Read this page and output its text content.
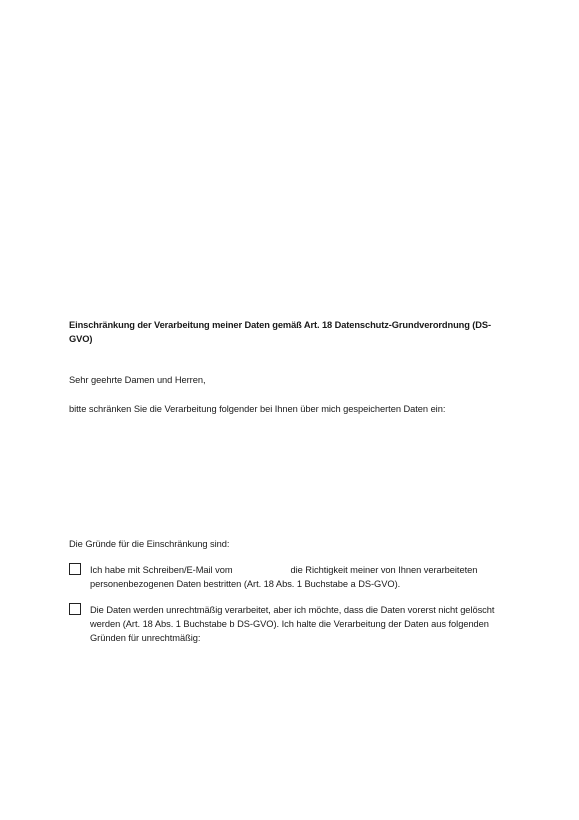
Einschränkung der Verarbeitung meiner Daten gemäß Art. 18 Datenschutz-Grundverordnung (DS-GVO)
Sehr geehrte Damen und Herren,
bitte schränken Sie die Verarbeitung folgender bei Ihnen über mich gespeicherten Daten ein:
Die Gründe für die Einschränkung sind:
Ich habe mit Schreiben/E-Mail vom	die Richtigkeit meiner von Ihnen verarbeiteten personenbezogenen Daten bestritten (Art. 18 Abs. 1 Buchstabe a DS-GVO).
Die Daten werden unrechtmäßig verarbeitet, aber ich möchte, dass die Daten vorerst nicht gelöscht werden (Art. 18 Abs. 1 Buchstabe b DS-GVO). Ich halte die Verarbeitung der Daten aus folgenden Gründen für unrechtmäßig:
